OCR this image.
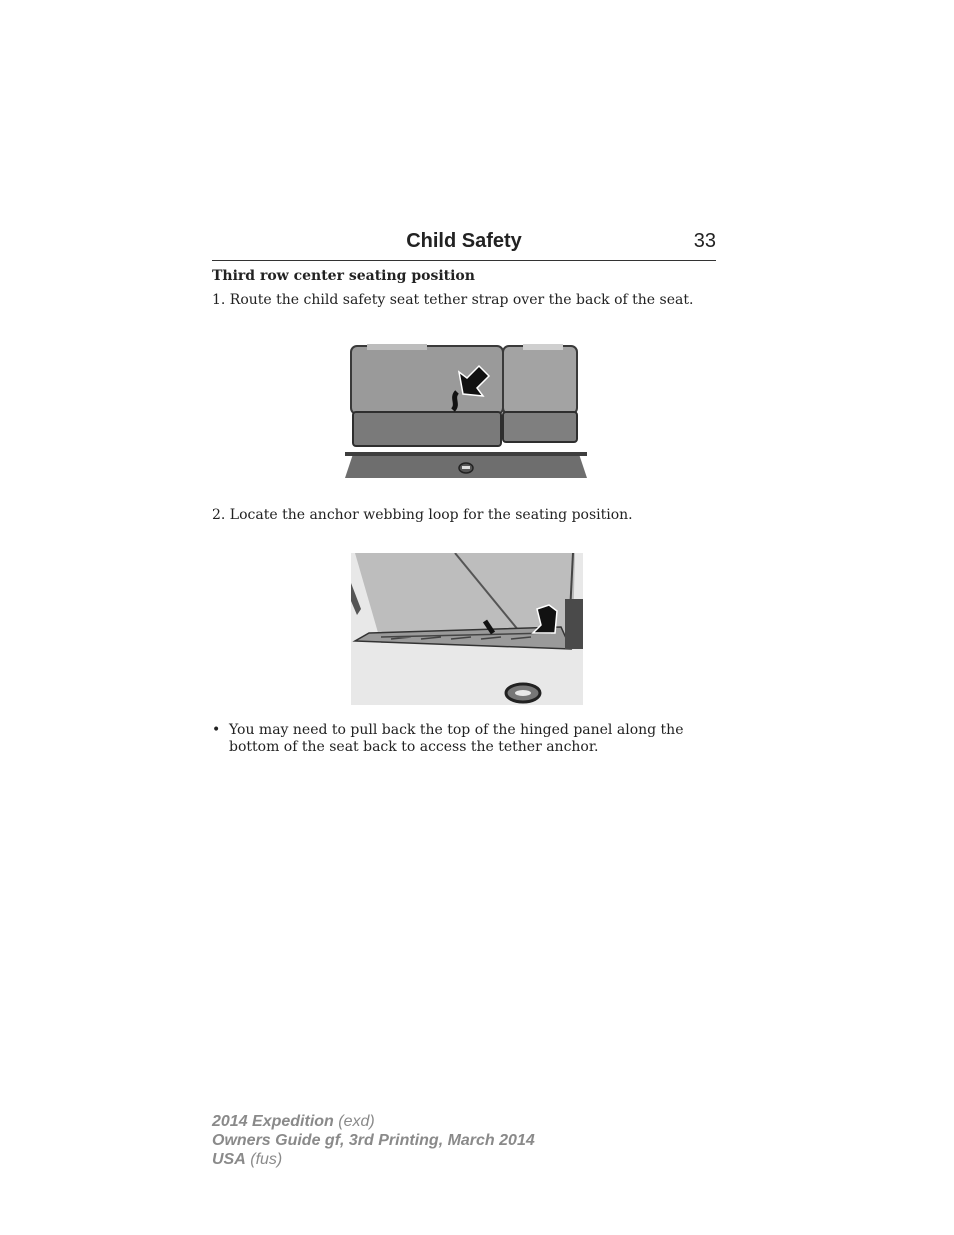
Child Safety	33
Third row center seating position
1. Route the child safety seat tether strap over the back of the seat.
2. Locate the anchor webbing loop for the seating position.
• You may need to pull back the top of the hinged panel along the bottom of the seat back to access the tether anchor.
2014 Expedition (exd)
Owners Guide gf, 3rd Printing, March 2014
USA (fus)
